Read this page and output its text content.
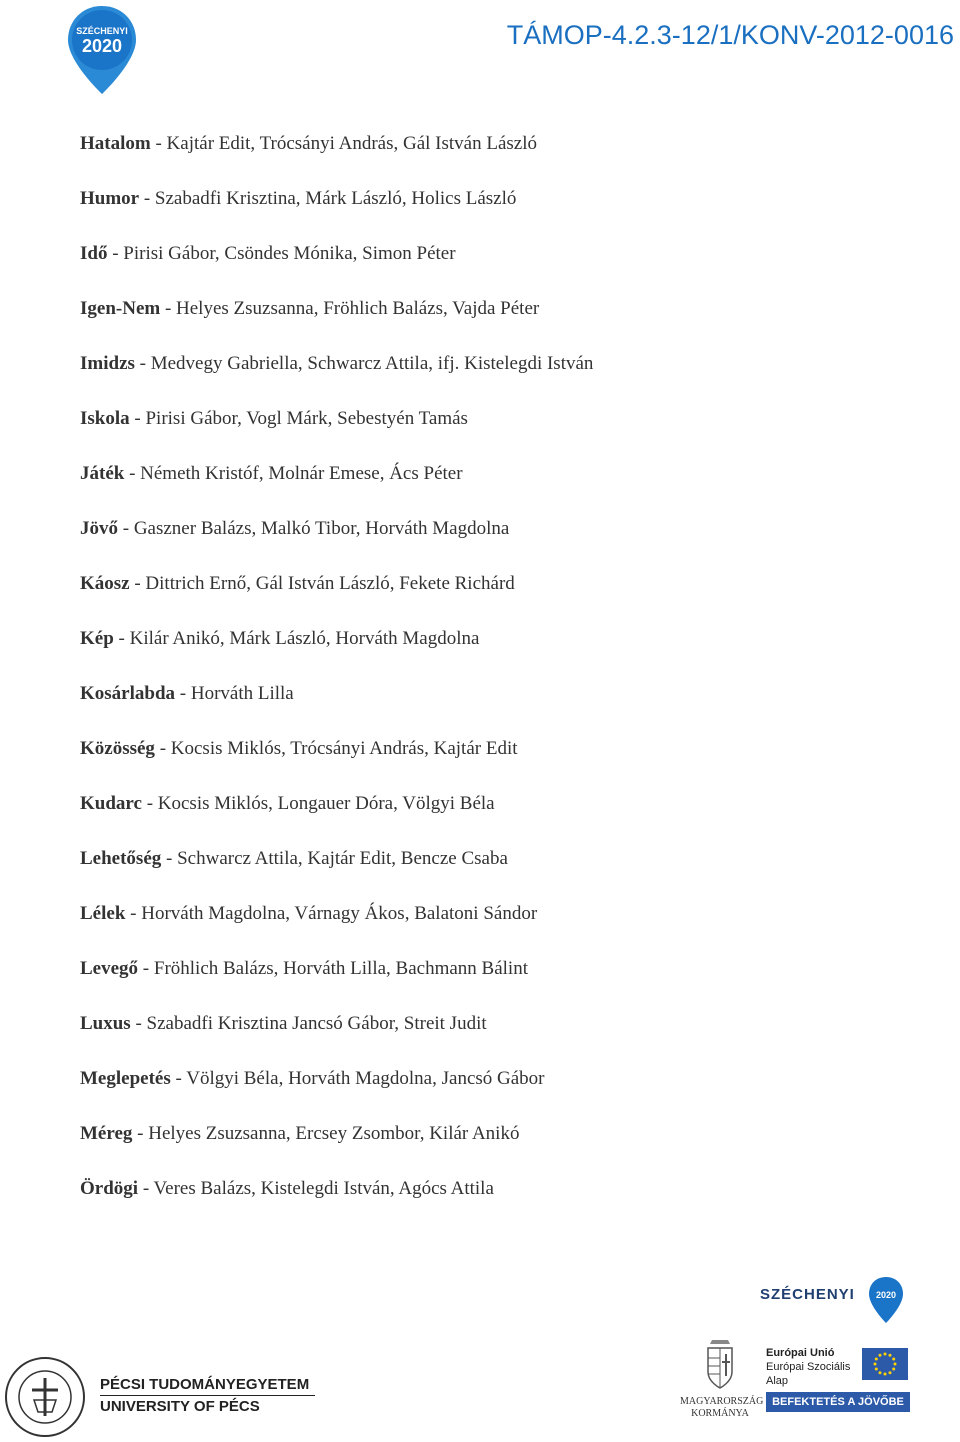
SZÉCHENYI
2020	TÁMOP-4.2.3-12/1/KONV-2012-0016
Hatalom - Kajtár Edit, Trócsányi András, Gál István László
Humor - Szabadfi Krisztina, Márk László, Holics László
Idő - Pirisi Gábor, Csöndes Mónika, Simon Péter
Igen-Nem - Helyes Zsuzsanna, Fröhlich Balázs, Vajda Péter
Imidzs - Medvegy Gabriella, Schwarcz Attila, ifj. Kistelegdi István
Iskola - Pirisi Gábor, Vogl Márk, Sebestyén Tamás
Játék - Németh Kristóf, Molnár Emese, Ács Péter
Jövő - Gaszner Balázs, Malkó Tibor, Horváth Magdolna
Káosz - Dittrich Ernő, Gál István László, Fekete Richárd
Kép - Kilár Anikó, Márk László, Horváth Magdolna
Kosárlabda - Horváth Lilla
Közösség - Kocsis Miklós, Trócsányi András, Kajtár Edit
Kudarc - Kocsis Miklós, Longauer Dóra, Völgyi Béla
Lehetőség - Schwarcz Attila, Kajtár Edit, Bencze Csaba
Lélek - Horváth Magdolna, Várnagy Ákos, Balatoni Sándor
Levegő - Fröhlich Balázs, Horváth Lilla, Bachmann Bálint
Luxus - Szabadfi Krisztina Jancsó Gábor, Streit Judit
Meglepetés - Völgyi Béla, Horváth Magdolna, Jancsó Gábor
Méreg - Helyes Zsuzsanna, Ercsey Zsombor, Kilár Anikó
Ördögi - Veres Balázs, Kistelegdi István, Agócs Attila
SZÉCHENYI 2020
PÉCSI TUDOMÁNYEGYETEM
UNIVERSITY OF PÉCS	MAGYARORSZÁG
KORMÁNYA
Európai Unió
Európai Szociális
Alap
BEFEKTETÉS A JÖVŐBE
